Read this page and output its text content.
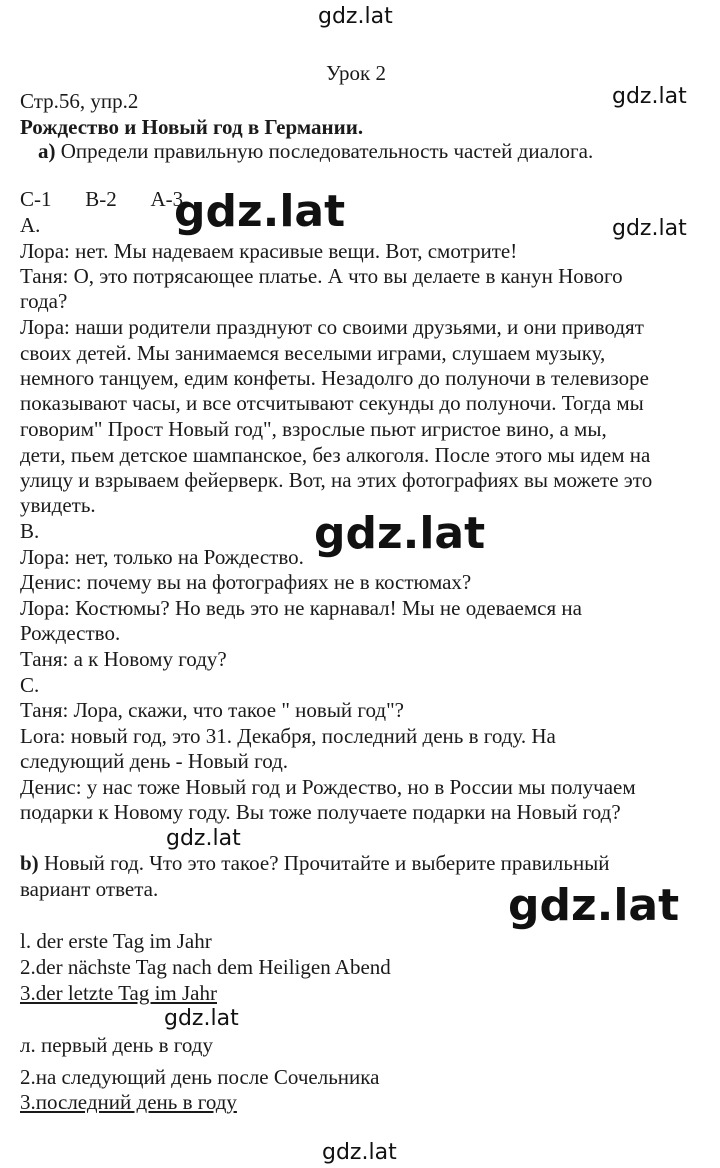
gdz.lat
gdz.lat
gdz.lat	gdz.lat
gdz.lat
gdz.lat
gdz.lat
gdz.lat
gdz.lat
Урок 2
Стр.56, упр.2
Рождество и Новый год в Германии.
a) Определи правильную последовательность частей диалога.
С-1 В-2 А-3
А.
Лора: нет. Мы надеваем красивые вещи. Вот, смотрите!
Таня: О, это потрясающее платье. А что вы делаете в канун Нового
года?
Лора: наши родители празднуют со своими друзьями, и они приводят
своих детей. Мы занимаемся веселыми играми, слушаем музыку,
немного танцуем, едим конфеты. Незадолго до полуночи в телевизоре
показывают часы, и все отсчитывают секунды до полуночи. Тогда мы
говорим" Прост Новый год", взрослые пьют игристое вино, а мы,
дети, пьем детское шампанское, без алкоголя. После этого мы идем на
улицу и взрываем фейерверк. Вот, на этих фотографиях вы можете это
увидеть.
В.
Лора: нет, только на Рождество.
Денис: почему вы на фотографиях не в костюмах?
Лора: Костюмы? Но ведь это не карнавал! Мы не одеваемся на
Рождество.
Таня: а к Новому году?
С.
Таня: Лора, скажи, что такое " новый год"?
Lora: новый год, это 31. Декабря, последний день в году. На
следующий день - Новый год.
Денис: у нас тоже Новый год и Рождество, но в России мы получаем
подарки к Новому году. Вы тоже получаете подарки на Новый год?
b) Новый год. Что это такое? Прочитайте и выберите правильный
вариант ответа.
l. der erste Tag im Jahr
2.der nächste Tag nach dem Heiligen Abend
3.der letzte Tag im Jahr
л. первый день в году
2.на следующий день после Сочельника
3.последний день в году
